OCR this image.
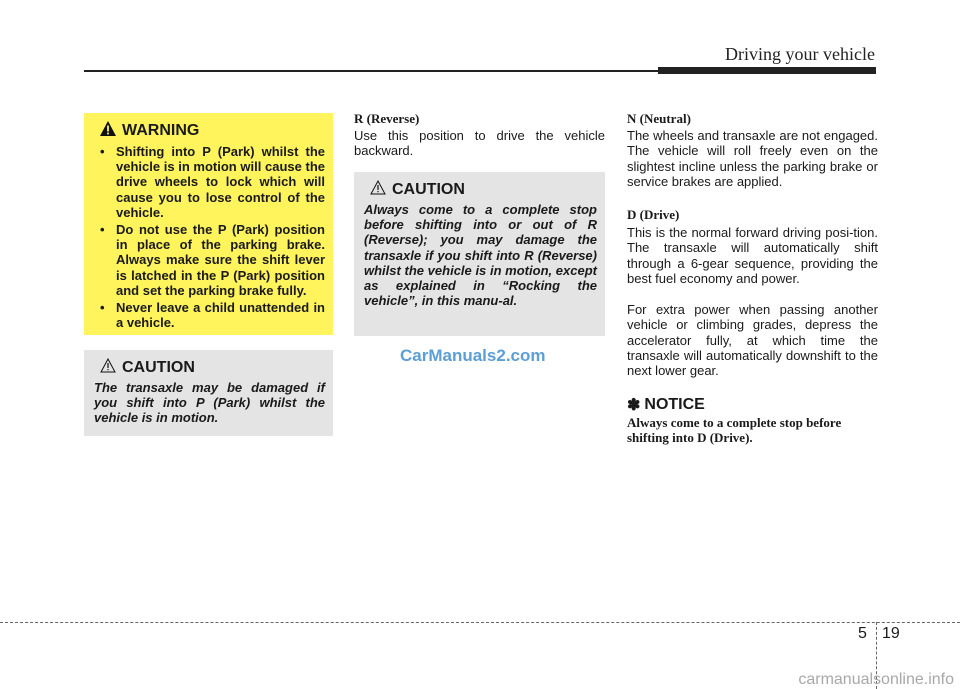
Driving your vehicle
WARNING
• Shifting into P (Park) whilst the vehicle is in motion will cause the drive wheels to lock which will cause you to lose control of the vehicle.
• Do not use the P (Park) position in place of the parking brake. Always make sure the shift lever is latched in the P (Park) position and set the parking brake fully.
• Never leave a child unattended in a vehicle.
CAUTION
The transaxle may be damaged if you shift into P (Park) whilst the vehicle is in motion.
R (Reverse)
Use this position to drive the vehicle backward.
CAUTION
Always come to a complete stop before shifting into or out of R (Reverse); you may damage the transaxle if you shift into R (Reverse) whilst the vehicle is in motion, except as explained in “Rocking the vehicle”, in this manu-al.
CarManuals2.com
N (Neutral)
The wheels and transaxle are not engaged. The vehicle will roll freely even on the slightest incline unless the parking brake or service brakes are applied.
D (Drive)
This is the normal forward driving posi-tion. The transaxle will automatically shift through a 6-gear sequence, providing the best fuel economy and power.
For extra power when passing another vehicle or climbing grades, depress the accelerator fully, at which time the transaxle will automatically downshift to the next lower gear.
✽ NOTICE
Always come to a complete stop before shifting into D (Drive).
5 19
carmanualsonline.info
